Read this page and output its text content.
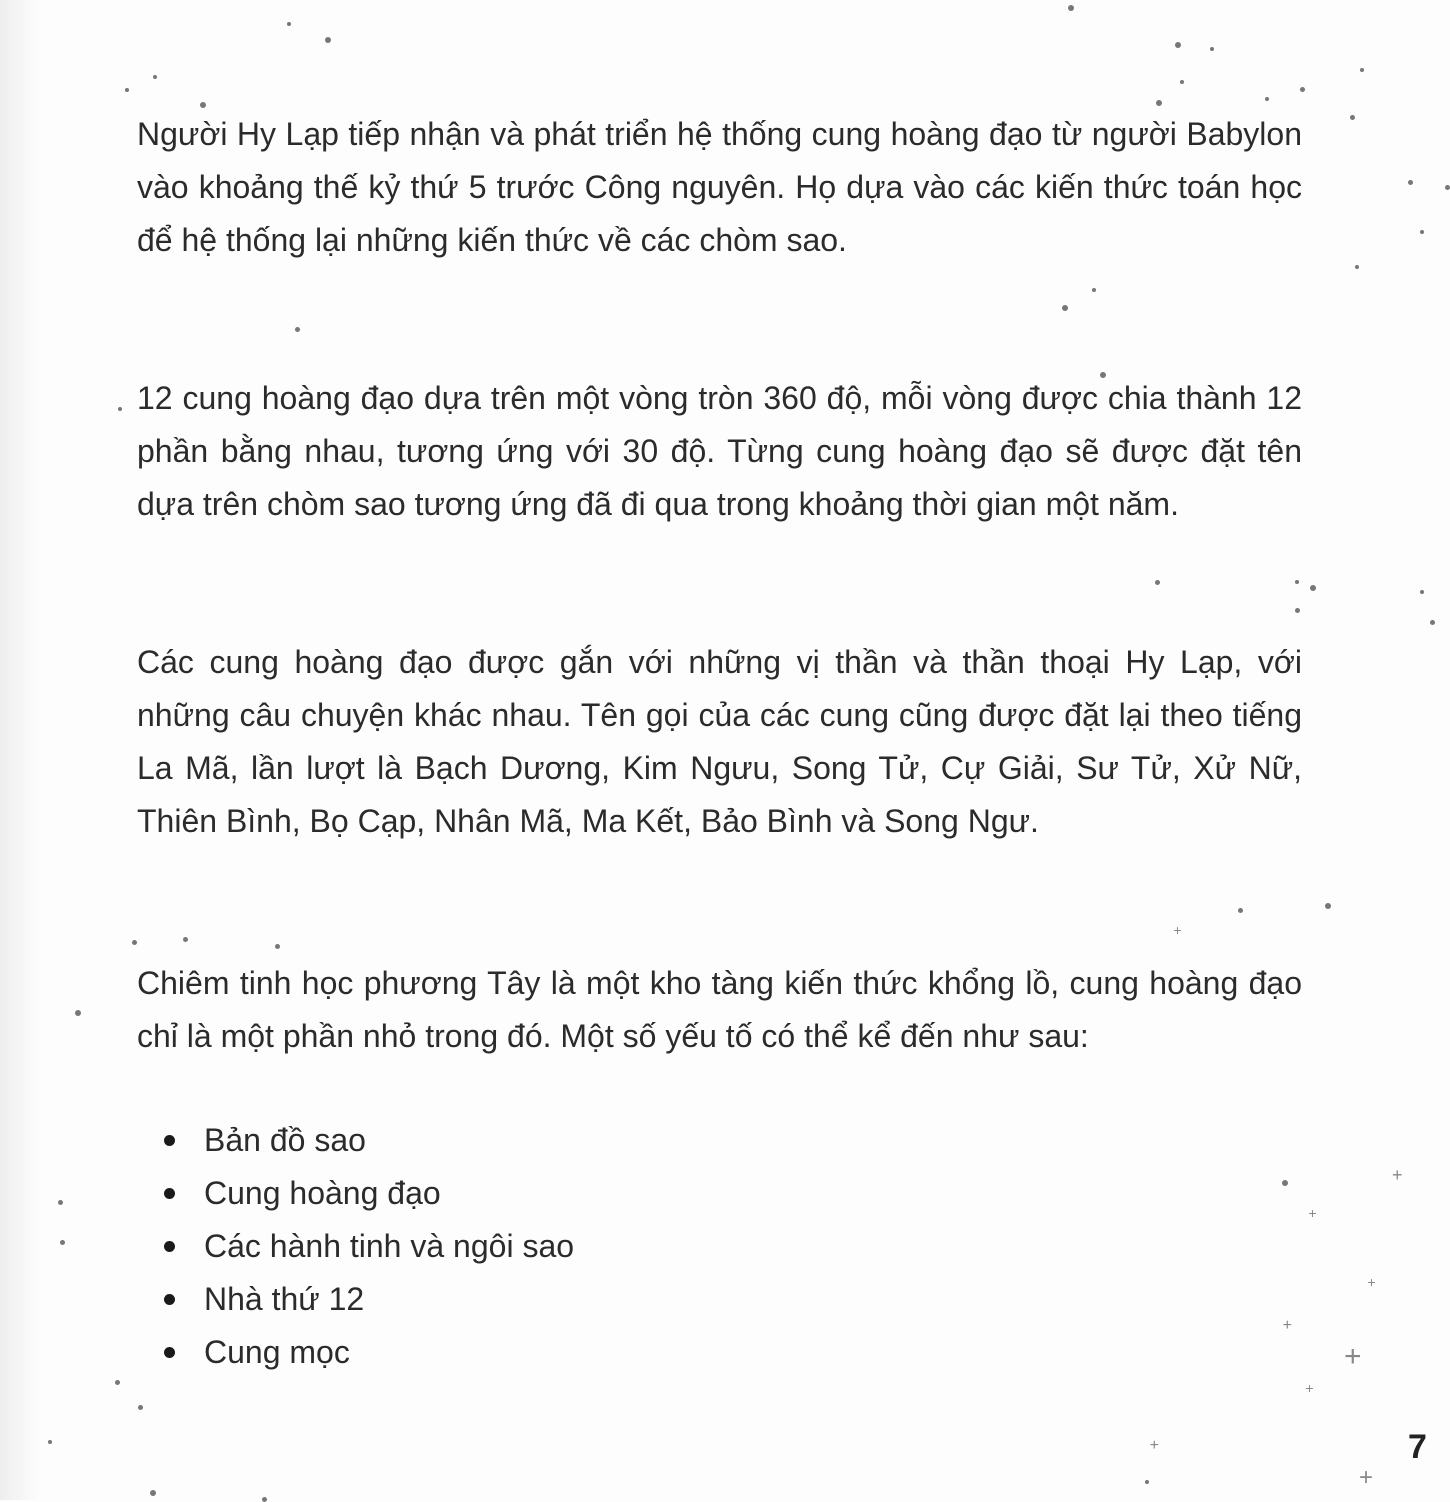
+
+
+
+
+
+
+
+
+

Người Hy Lạp tiếp nhận và phát triển hệ thống cung hoàng đạo từ người Babylon vào khoảng thế kỷ thứ 5 trước Công nguyên. Họ dựa vào các kiến thức toán học để hệ thống lại những kiến thức về các chòm sao.

12 cung hoàng đạo dựa trên một vòng tròn 360 độ, mỗi vòng được chia thành 12 phần bằng nhau, tương ứng với 30 độ. Từng cung hoàng đạo sẽ được đặt tên dựa trên chòm sao tương ứng đã đi qua trong khoảng thời gian một năm.

Các cung hoàng đạo được gắn với những vị thần và thần thoại Hy Lạp, với những câu chuyện khác nhau. Tên gọi của các cung cũng được đặt lại theo tiếng La Mã, lần lượt là Bạch Dương, Kim Ngưu, Song Tử, Cự Giải, Sư Tử, Xử Nữ, Thiên Bình, Bọ Cạp, Nhân Mã, Ma Kết, Bảo Bình và Song Ngư.

Chiêm tinh học phương Tây là một kho tàng kiến thức khổng lồ, cung hoàng đạo chỉ là một phần nhỏ trong đó. Một số yếu tố có thể kể đến như sau:

Bản đồ sao
Cung hoàng đạo
Các hành tinh và ngôi sao
Nhà thứ 12
Cung mọc
7
